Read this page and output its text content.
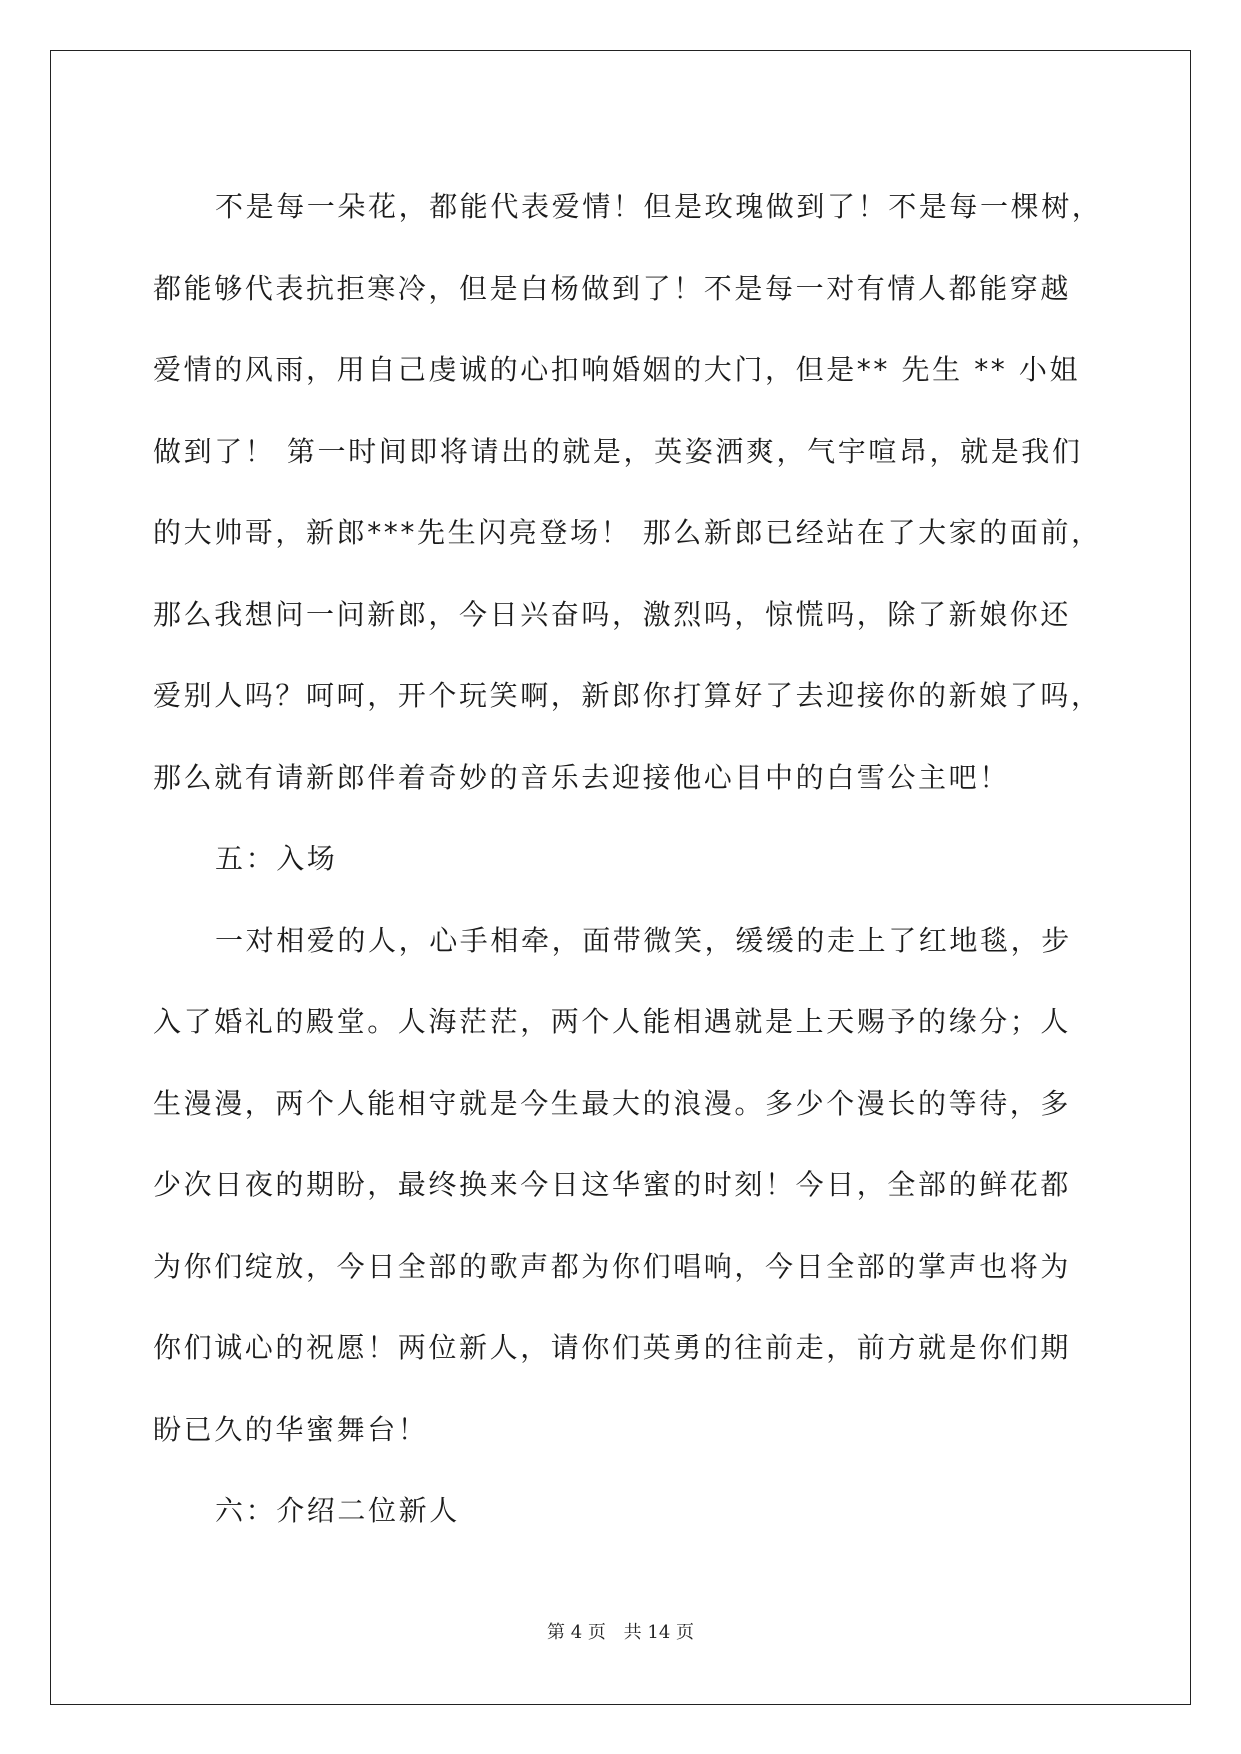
不是每一朵花，都能代表爱情！但是玫瑰做到了！不是每一棵树，
都能够代表抗拒寒冷，但是白杨做到了！不是每一对有情人都能穿越
爱情的风雨，用自己虔诚的心扣响婚姻的大门，但是** 先生 ** 小姐
做到了！ 第一时间即将请出的就是，英姿洒爽，气宇喧昂，就是我们
的大帅哥，新郎***先生闪亮登场！ 那么新郎已经站在了大家的面前，
那么我想问一问新郎，今日兴奋吗，激烈吗，惊慌吗，除了新娘你还
爱别人吗？呵呵，开个玩笑啊，新郎你打算好了去迎接你的新娘了吗，
那么就有请新郎伴着奇妙的音乐去迎接他心目中的白雪公主吧！
五：入场
一对相爱的人，心手相牵，面带微笑，缓缓的走上了红地毯，步
入了婚礼的殿堂。人海茫茫，两个人能相遇就是上天赐予的缘分；人
生漫漫，两个人能相守就是今生最大的浪漫。多少个漫长的等待，多
少次日夜的期盼，最终换来今日这华蜜的时刻！今日，全部的鲜花都
为你们绽放，今日全部的歌声都为你们唱响，今日全部的掌声也将为
你们诚心的祝愿！两位新人，请你们英勇的往前走，前方就是你们期
盼已久的华蜜舞台！
六：介绍二位新人
第 4 页 共 14 页
